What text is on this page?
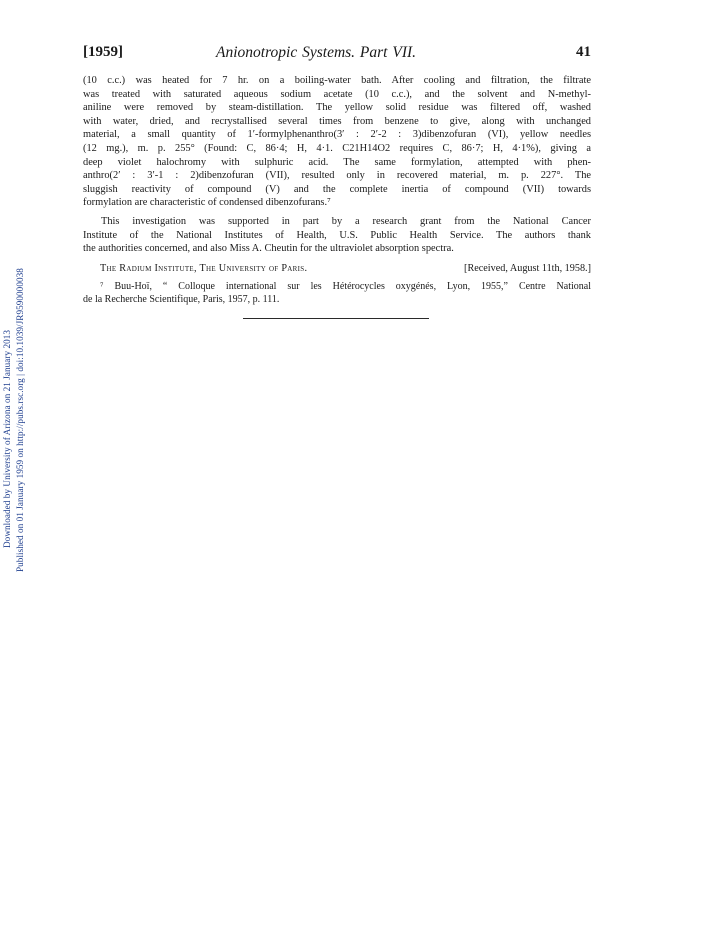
Downloaded by University of Arizona on 21 January 2013 Published on 01 January 1959 on http://pubs.rsc.org | doi:10.1039/JR9590000038
[1959]	Anionotropic Systems. Part VII.	41
(10 c.c.) was heated for 7 hr. on a boiling-water bath. After cooling and filtration, the filtrate
was treated with saturated aqueous sodium acetate (10 c.c.), and the solvent and N-methyl-
aniline were removed by steam-distillation. The yellow solid residue was filtered off, washed
with water, dried, and recrystallised several times from benzene to give, along with unchanged
material, a small quantity of 1′-formylphenanthro(3′ : 2′-2 : 3)dibenzofuran (VI), yellow needles
(12 mg.), m. p. 255° (Found: C, 86·4; H, 4·1. C21H14O2 requires C, 86·7; H, 4·1%), giving a
deep violet halochromy with sulphuric acid. The same formylation, attempted with phen-
anthro(2′ : 3′-1 : 2)dibenzofuran (VII), resulted only in recovered material, m. p. 227°. The
sluggish reactivity of compound (V) and the complete inertia of compound (VII) towards
formylation are characteristic of condensed dibenzofurans.⁷
This investigation was supported in part by a research grant from the National Cancer
Institute of the National Institutes of Health, U.S. Public Health Service. The authors thank
the authorities concerned, and also Miss A. Cheutin for the ultraviolet absorption spectra.
The Radium Institute, The University of Paris.	[Received, August 11th, 1958.]
⁷ Buu-Hoï, “ Colloque international sur les Hétérocycles oxygénés, Lyon, 1955,” Centre National
de la Recherche Scientifique, Paris, 1957, p. 111.
